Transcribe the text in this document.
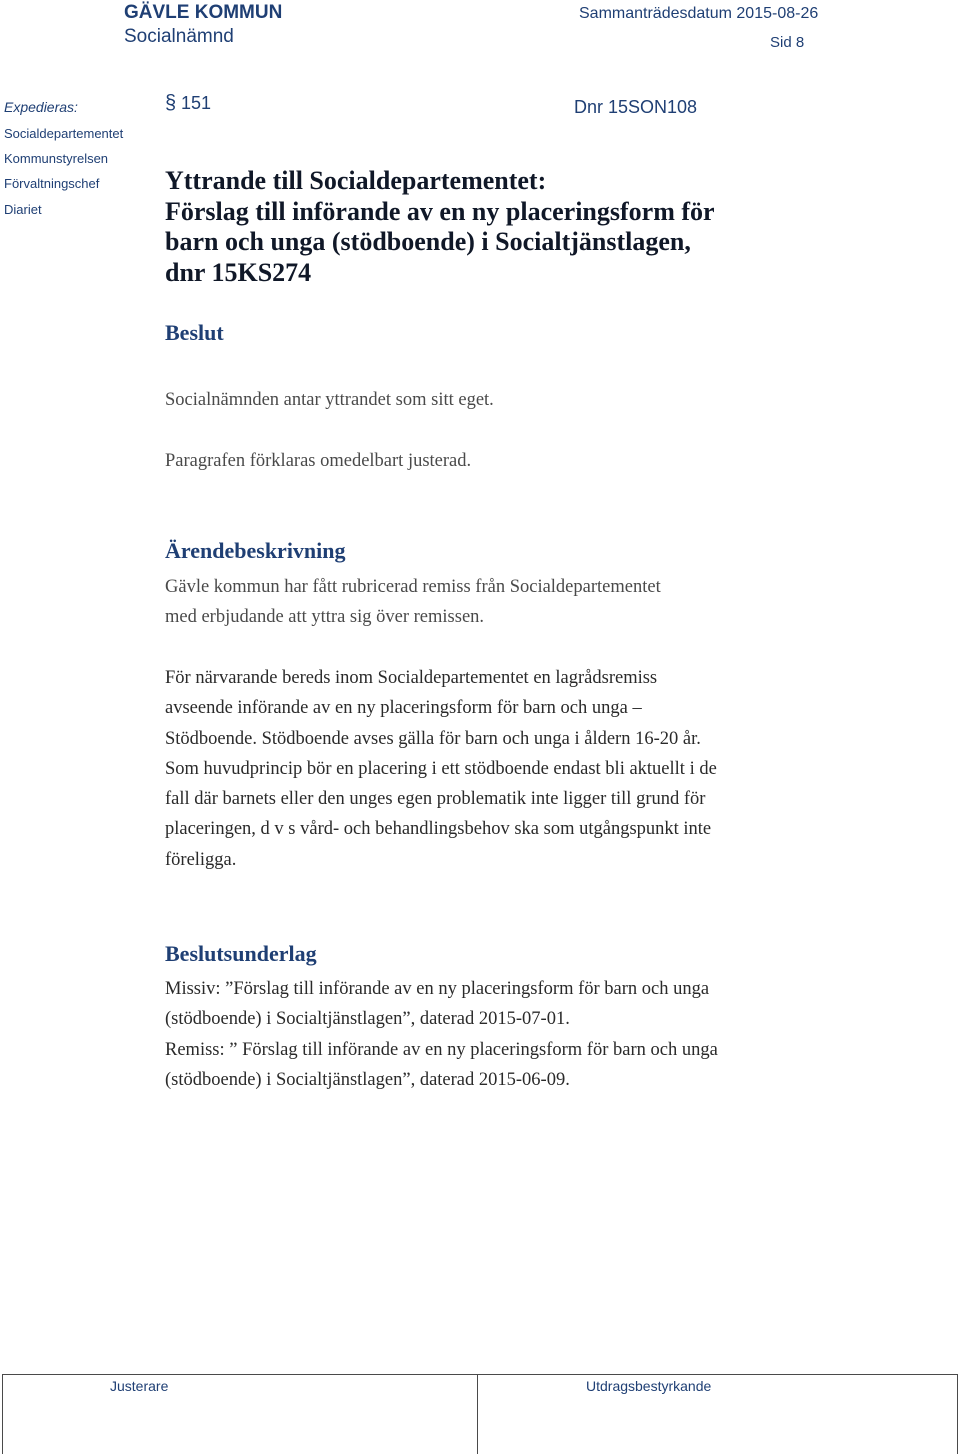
GÄVLE KOMMUN
Socialnämnd
Sammanträdesdatum 2015-08-26
Sid 8
Expedieras:
Socialdepartementet
Kommunstyrelsen
Förvaltningschef
Diariet
§ 151	Dnr 15SON108
Yttrande till Socialdepartementet:
Förslag till införande av en ny placeringsform för
barn och unga (stödboende) i Socialtjänstlagen,
dnr 15KS274
Beslut
Socialnämnden antar yttrandet som sitt eget.
Paragrafen förklaras omedelbart justerad.
Ärendebeskrivning
Gävle kommun har fått rubricerad remiss från Socialdepartementet
med erbjudande att yttra sig över remissen.
För närvarande bereds inom Socialdepartementet en lagrådsremiss
avseende införande av en ny placeringsform för barn och unga –
Stödboende. Stödboende avses gälla för barn och unga i åldern 16-20 år.
Som huvudprincip bör en placering i ett stödboende endast bli aktuellt i de
fall där barnets eller den unges egen problematik inte ligger till grund för
placeringen, d v s vård- och behandlingsbehov ska som utgångspunkt inte
föreligga.
Beslutsunderlag
Missiv: ”Förslag till införande av en ny placeringsform för barn och unga
(stödboende) i Socialtjänstlagen”, daterad 2015-07-01.
Remiss: ” Förslag till införande av en ny placeringsform för barn och unga
(stödboende) i Socialtjänstlagen”, daterad 2015-06-09.
Justerare	Utdragsbestyrkande
